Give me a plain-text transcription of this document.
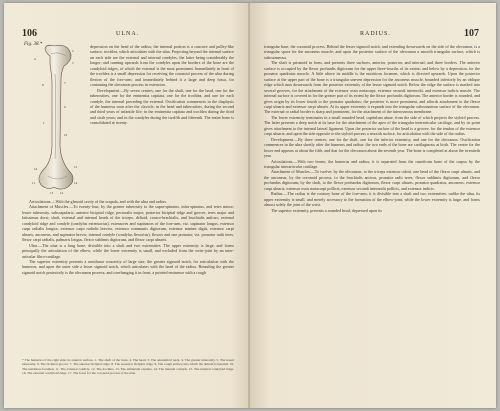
106	ULNA.
Fig. 38.*
2
5
4
7
8
9
1
10
15
16
14
11
13 12

depression on the head of the radius; the internal portion is a concave and pulley-like surface, trochlea, which articulates with the ulna. Projecting beyond the internal surface on each side are the external and internal condyles, the latter being considerably the longer; and running upwards from the condyles upon the borders of the bone are the condyloid ridges, of which the external is the most prominent. Immediately in front of the trochlea is a small depression for receiving the coronoid process of the ulna during flexion of the fore-arm; and immediately behind it a large and deep fossa, for containing the olecranon process in extension.

Development.—By seven centres; one for the shaft, one for the head, one for the tuberosities, one for the eminentia capitata, one for the trochlea, and one for each condyle, the internal preceding the external. Ossification commences in the diaphysis of the humerus soon after the clavicle; in the head and tuberosities, during the second and third years of infantile life; in the eminentia capitata and trochlea during the third and sixth years; and in the condyles during the twelfth and fifteenth. The entire bone is consolidated at twenty.

Articulations.—With the glenoid cavity of the scapula, and with the ulna and radius.

Attachment of Muscles.—To twenty-four; by the greater tuberosity to the supra-spinatus, infra-spinatus, and teres minor; lesser tuberosity, subscapularis; anterior bicipital ridge, pectoralis major; posterior bicipital ridge and groove, teres major and latissimus dorsi; shaft, external and internal heads of the triceps, deltoid, coraco-brachialis, and brachialis anticus; external condyloid ridge and condyle (condylus extensorius), extensores and supinators of the fore-arm, viz. supinator longus, extensor carpi radialis longior, extensor carpi radialis brevior, extensor communis digitorum, extensor minimi digiti, extensor carpi ulnaris, anconeus, and supinator brevis; internal condyle (condylus flexorius), flexors and one pronator, viz. pronator radii teres, flexor carpi radialis, palmaris longus, flexor sublimis digitorum, and flexor carpi ulnaris.

Ulna.—The ulna is a long bone, divisible into a shaft and two extremities. The upper extremity is large, and forms principally the articulation of the elbow; while the lower extremity is small, and excluded from the wrist-joint by an inter-articular fibro-cartilage.

The superior extremity presents a semilunar concavity of large size, the greater sigmoid notch, for articulation with the humerus; and upon the outer side a lesser sigmoid notch, which articulates with the head of the radius. Bounding the greater sigmoid notch posteriorly is the olecranon process; and overhanging it in front, a pointed eminence with a rough

* The humerus of the right side; its anterior surface. 1. The shaft of the bone. 2. The head. 3. The anatomical neck. 4. The greater tuberosity. 5. The lesser tuberosity. 6. The bicipital groove. 7. The anterior bicipital ridge. 8. The posterior bicipital ridge. 9. The rough surface into which the deltoid is inserted. 10. The nutritious foramen. 11. The external condyle. 12. The trochlea. 13. The eminentia capitata. 14. The internal condyle. 15. The internal condyloid ridge. 16. The external condyloid ridge. 17. The fossa for the coronoid process of the ulna.
RADIUS.	107

triangular base, the coronoid process. Behind the lesser sigmoid notch, and extending downwards on the side of the olecranon, is a triangular space for the anconeus muscle; and upon the posterior surface of the olecranon a smooth triangular surface, which is subcutaneous.

The shaft is prismoid in form, and presents three surfaces, anterior, posterior, and internal; and three borders. The anterior surface is occupied by the flexor profundis digitorum for the upper three-fourths of its extent; and below by a depression, for the pronator quadratus muscle. A little above its middle is the nutritious foramen, which is directed upwards. Upon the posterior surface at the upper part of the bone is a triangular uneven depression for the anconeus muscle, bounded inferiorly by an oblique ridge which runs downwards from the posterior extremity of the lesser sigmoid notch. Below the ridge the surface is marked into several grooves, for the attachment of the extensor ossis metacarpi, extensor secundi internodii, and extensor indicis muscle. The internal surface is covered in for the greater part of its extent by the flexor profundis digitorum. The anterior border is rounded, and gives origin by its lower fourth to the pronator quadratus; the posterior is more prominent, and affords attachment to the flexor carpi ulnaris and extensor carpi ulnaris. At its upper extremity it expands into the triangular subcutaneous surface of the olecranon. The external or radial border is sharp and prominent, for the attachment of the interosseous membrane.

The lower extremity terminates in a small rounded head, capitulum ulnae, from the side of which projects the styloid process. The latter presents a deep notch at its base for the attachment of the apex of the triangular interarticular cartilage, and by its point gives attachment to the internal lateral ligament. Upon the posterior surface of the head is a groove, for the tendon of the extensor carpi ulnaris; and upon the side opposite to the styloid process a smooth surface, for articulation with the side of the radius.

Development.—By three centres; one for the shaft, one for the inferior extremity, and one for the olecranon. Ossification commences in the ulna shortly after the humerus and radius: the two ends of the bone are cartilaginous at birth. The centre for the lower end appears at about the fifth, and that for the olecranon about the seventh year. The bone is completed at about the twentieth year.

Articulations.—With two bones; the humerus and radius; it is separated from the cuneiform bone of the carpus by the triangular interarticular cartilage.

Attachment of Muscles.—To twelve; by the olecranon, to the triceps extensor cubiti, one head of the flexor carpi ulnaris, and the anconeus; by the coronoid process, to the brachialis anticus, pronator radii teres, flexor sublimis digitorum, and flexor profundus digitorum; by the shaft, to the flexor profundus digitorum, flexor carpi ulnaris, pronator quadratus, anconeus, extensor carpi ulnaris, extensor ossis metacarpi pollicis, extensor secundi internodii pollicis, and extensor indicis.

Radius.—The radius is the rotatory bone of the fore-arm; it is divisible into a shaft and two extremities: unlike the ulna, its upper extremity is small, and merely accessory to the formation of the elbow-joint; while the lower extremity is large, and forms almost solely the joint of the wrist.

The superior extremity, presents a rounded head, depressed upon its
